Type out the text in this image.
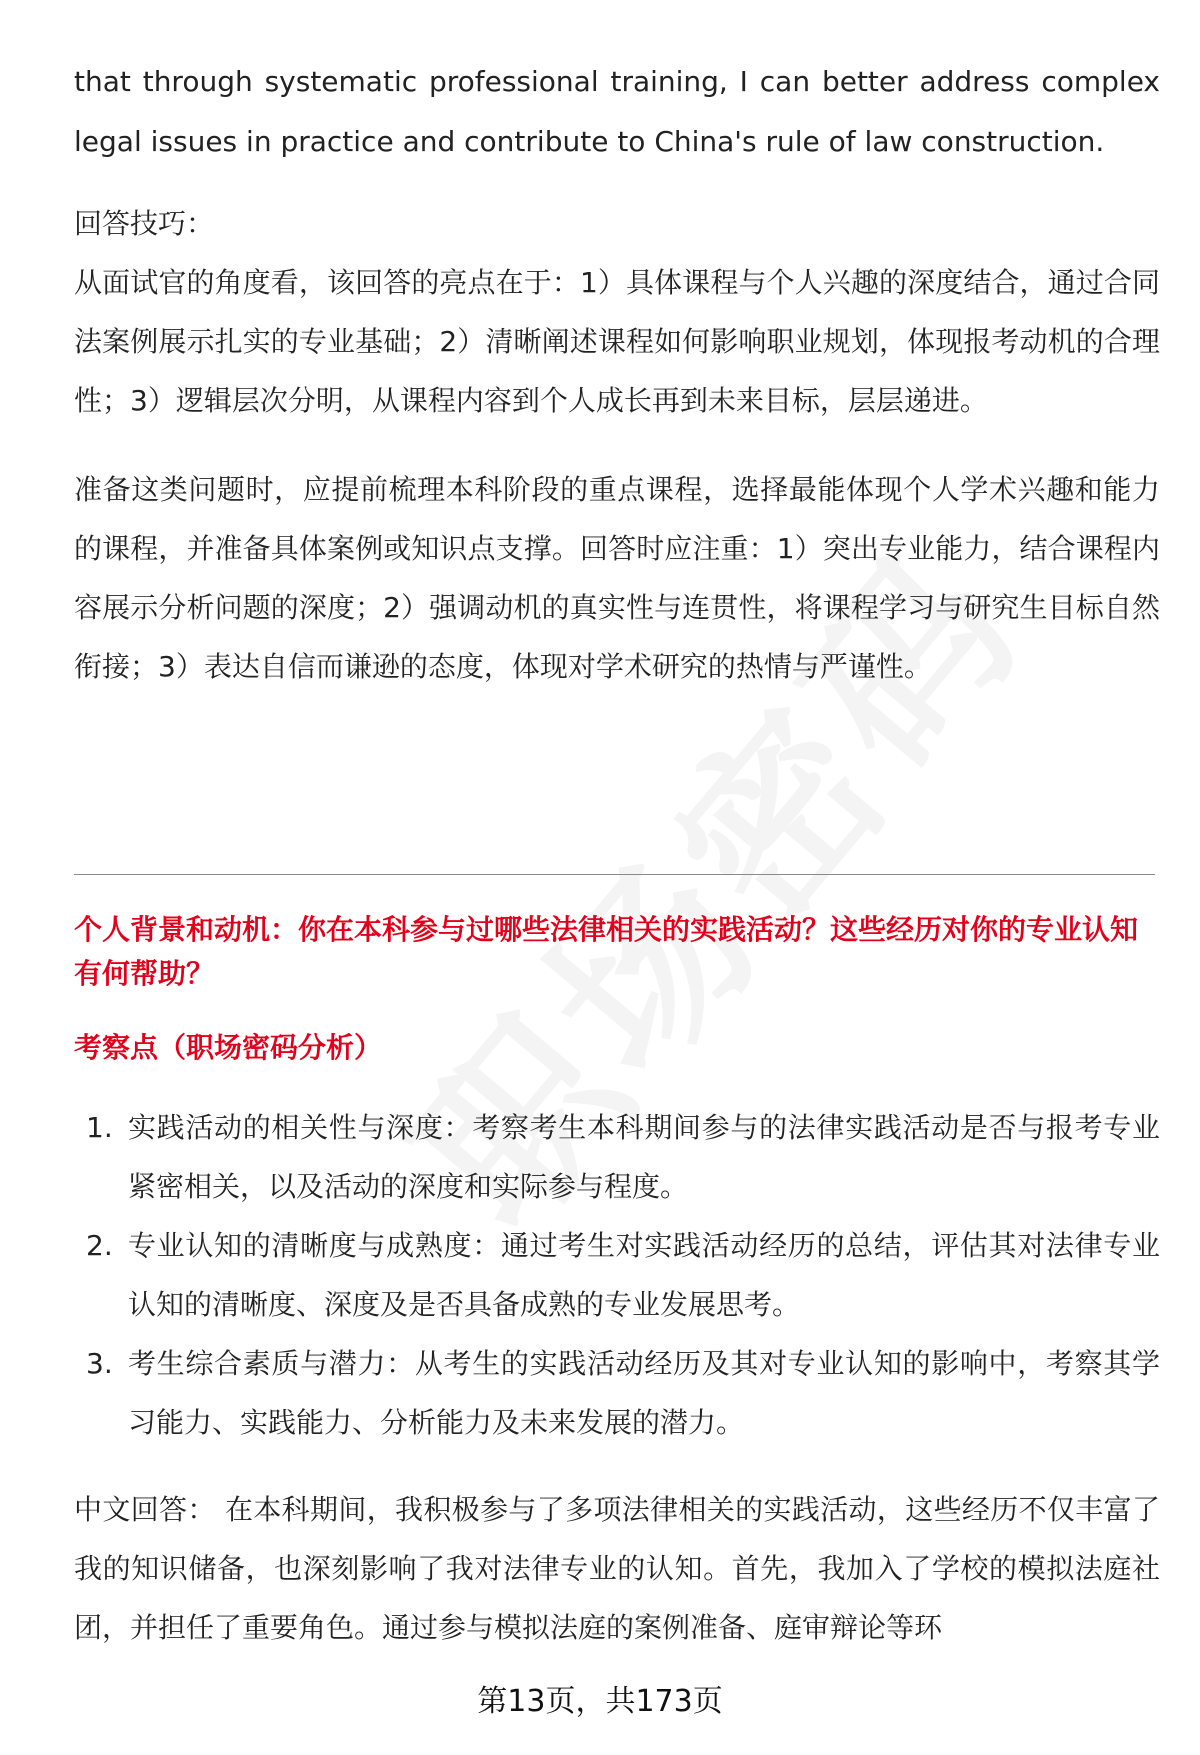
that through systematic professional training, I can better address complex legal issues in practice and contribute to China's rule of law construction.

回答技巧：

从面试官的角度看，该回答的亮点在于：1）具体课程与个人兴趣的深度结合，通过合同法案例展示扎实的专业基础；2）清晰阐述课程如何影响职业规划，体现报考动机的合理性；3）逻辑层次分明，从课程内容到个人成长再到未来目标，层层递进。

准备这类问题时，应提前梳理本科阶段的重点课程，选择最能体现个人学术兴趣和能力的课程，并准备具体案例或知识点支撑。回答时应注重：1）突出专业能力，结合课程内容展示分析问题的深度；2）强调动机的真实性与连贯性，将课程学习与研究生目标自然衔接；3）表达自信而谦逊的态度，体现对学术研究的热情与严谨性。

个人背景和动机：你在本科参与过哪些法律相关的实践活动？这些经历对你的专业认知有何帮助？

考察点（职场密码分析）

1. 实践活动的相关性与深度：考察考生本科期间参与的法律实践活动是否与报考专业紧密相关，以及活动的深度和实际参与程度。
2. 专业认知的清晰度与成熟度：通过考生对实践活动经历的总结，评估其对法律专业认知的清晰度、深度及是否具备成熟的专业发展思考。
3. 考生综合素质与潜力：从考生的实践活动经历及其对专业认知的影响中，考察其学习能力、实践能力、分析能力及未来发展的潜力。

中文回答： 在本科期间，我积极参与了多项法律相关的实践活动，这些经历不仅丰富了我的知识储备，也深刻影响了我对法律专业的认知。首先，我加入了学校的模拟法庭社团，并担任了重要角色。通过参与模拟法庭的案例准备、庭审辩论等环

第13页，共173页
